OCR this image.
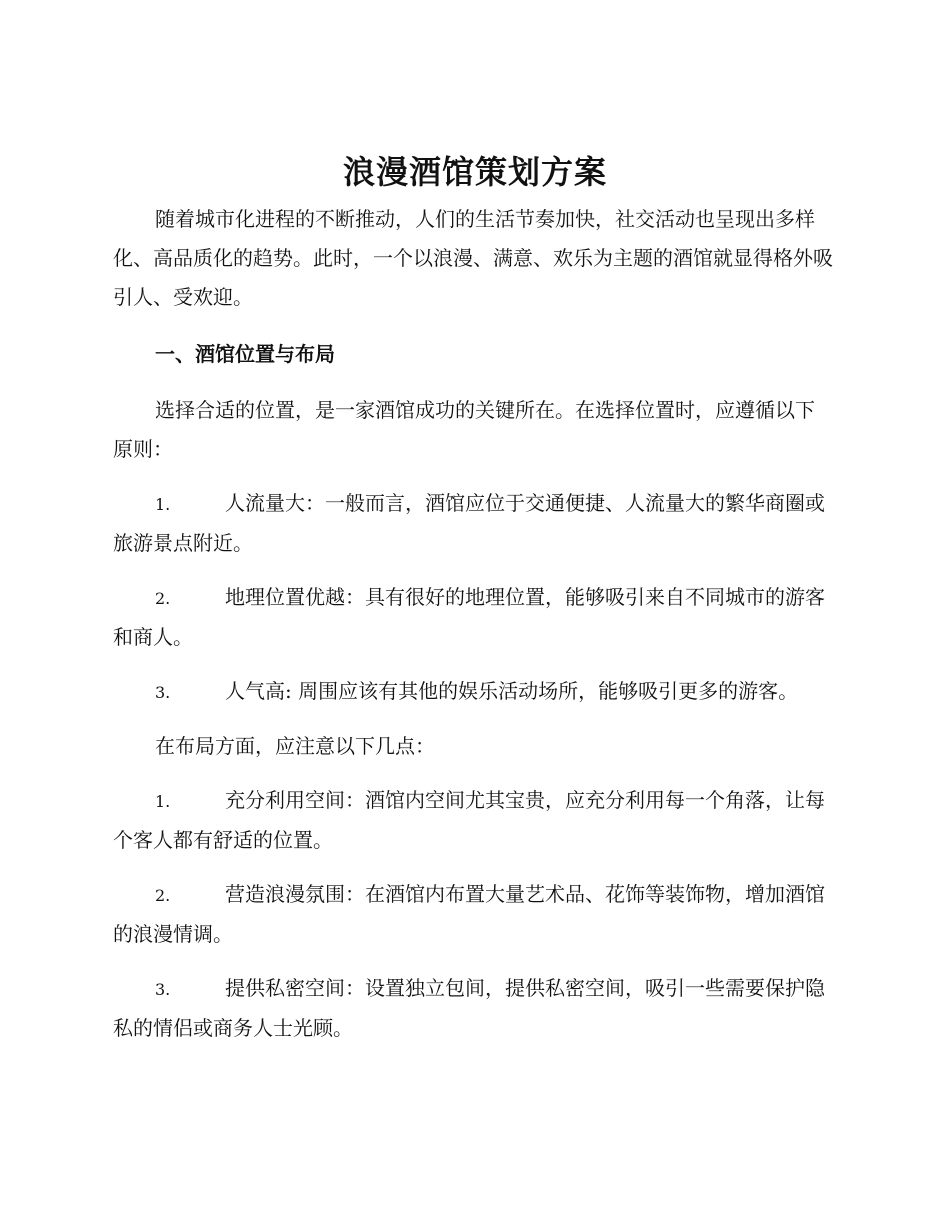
浪漫酒馆策划方案

随着城市化进程的不断推动，人们的生活节奏加快，社交活动也呈现出多样化、高品质化的趋势。此时，一个以浪漫、满意、欢乐为主题的酒馆就显得格外吸引人、受欢迎。

一、酒馆位置与布局

选择合适的位置，是一家酒馆成功的关键所在。在选择位置时，应遵循以下原则：

1.	人流量大：一般而言，酒馆应位于交通便捷、人流量大的繁华商圈或旅游景点附近。

2.	地理位置优越：具有很好的地理位置，能够吸引来自不同城市的游客和商人。

3.	人气高: 周围应该有其他的娱乐活动场所，能够吸引更多的游客。

在布局方面，应注意以下几点：

1.	充分利用空间：酒馆内空间尤其宝贵，应充分利用每一个角落，让每个客人都有舒适的位置。

2.	营造浪漫氛围：在酒馆内布置大量艺术品、花饰等装饰物，增加酒馆的浪漫情调。

3.	提供私密空间：设置独立包间，提供私密空间，吸引一些需要保护隐私的情侣或商务人士光顾。
